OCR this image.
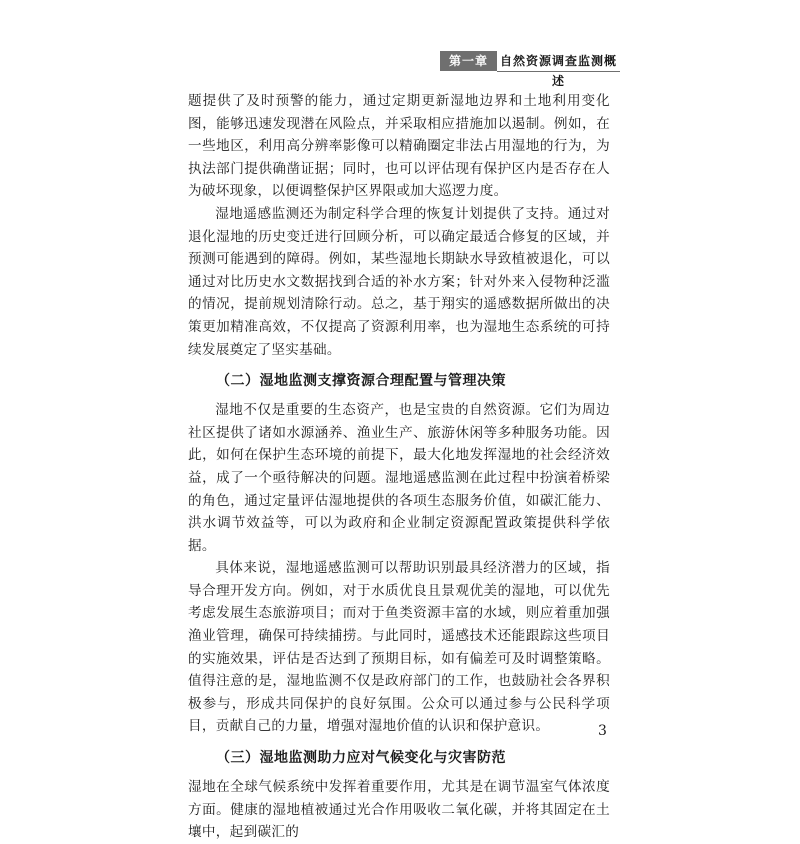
第一章 自然资源调查监测概述

题提供了及时预警的能力，通过定期更新湿地边界和土地利用变化图，能够迅速发现潜在风险点，并采取相应措施加以遏制。例如，在一些地区，利用高分辨率影像可以精确圈定非法占用湿地的行为，为执法部门提供确凿证据；同时，也可以评估现有保护区内是否存在人为破坏现象，以便调整保护区界限或加大巡逻力度。

湿地遥感监测还为制定科学合理的恢复计划提供了支持。通过对退化湿地的历史变迁进行回顾分析，可以确定最适合修复的区域，并预测可能遇到的障碍。例如，某些湿地长期缺水导致植被退化，可以通过对比历史水文数据找到合适的补水方案；针对外来入侵物种泛滥的情况，提前规划清除行动。总之，基于翔实的遥感数据所做出的决策更加精准高效，不仅提高了资源利用率，也为湿地生态系统的可持续发展奠定了坚实基础。

（二）湿地监测支撑资源合理配置与管理决策

湿地不仅是重要的生态资产，也是宝贵的自然资源。它们为周边社区提供了诸如水源涵养、渔业生产、旅游休闲等多种服务功能。因此，如何在保护生态环境的前提下，最大化地发挥湿地的社会经济效益，成了一个亟待解决的问题。湿地遥感监测在此过程中扮演着桥梁的角色，通过定量评估湿地提供的各项生态服务价值，如碳汇能力、洪水调节效益等，可以为政府和企业制定资源配置政策提供科学依据。

具体来说，湿地遥感监测可以帮助识别最具经济潜力的区域，指导合理开发方向。例如，对于水质优良且景观优美的湿地，可以优先考虑发展生态旅游项目；而对于鱼类资源丰富的水域，则应着重加强渔业管理，确保可持续捕捞。与此同时，遥感技术还能跟踪这些项目的实施效果，评估是否达到了预期目标，如有偏差可及时调整策略。值得注意的是，湿地监测不仅是政府部门的工作，也鼓励社会各界积极参与，形成共同保护的良好氛围。公众可以通过参与公民科学项目，贡献自己的力量，增强对湿地价值的认识和保护意识。

（三）湿地监测助力应对气候变化与灾害防范

湿地在全球气候系统中发挥着重要作用，尤其是在调节温室气体浓度方面。健康的湿地植被通过光合作用吸收二氧化碳，并将其固定在土壤中，起到碳汇的

3
